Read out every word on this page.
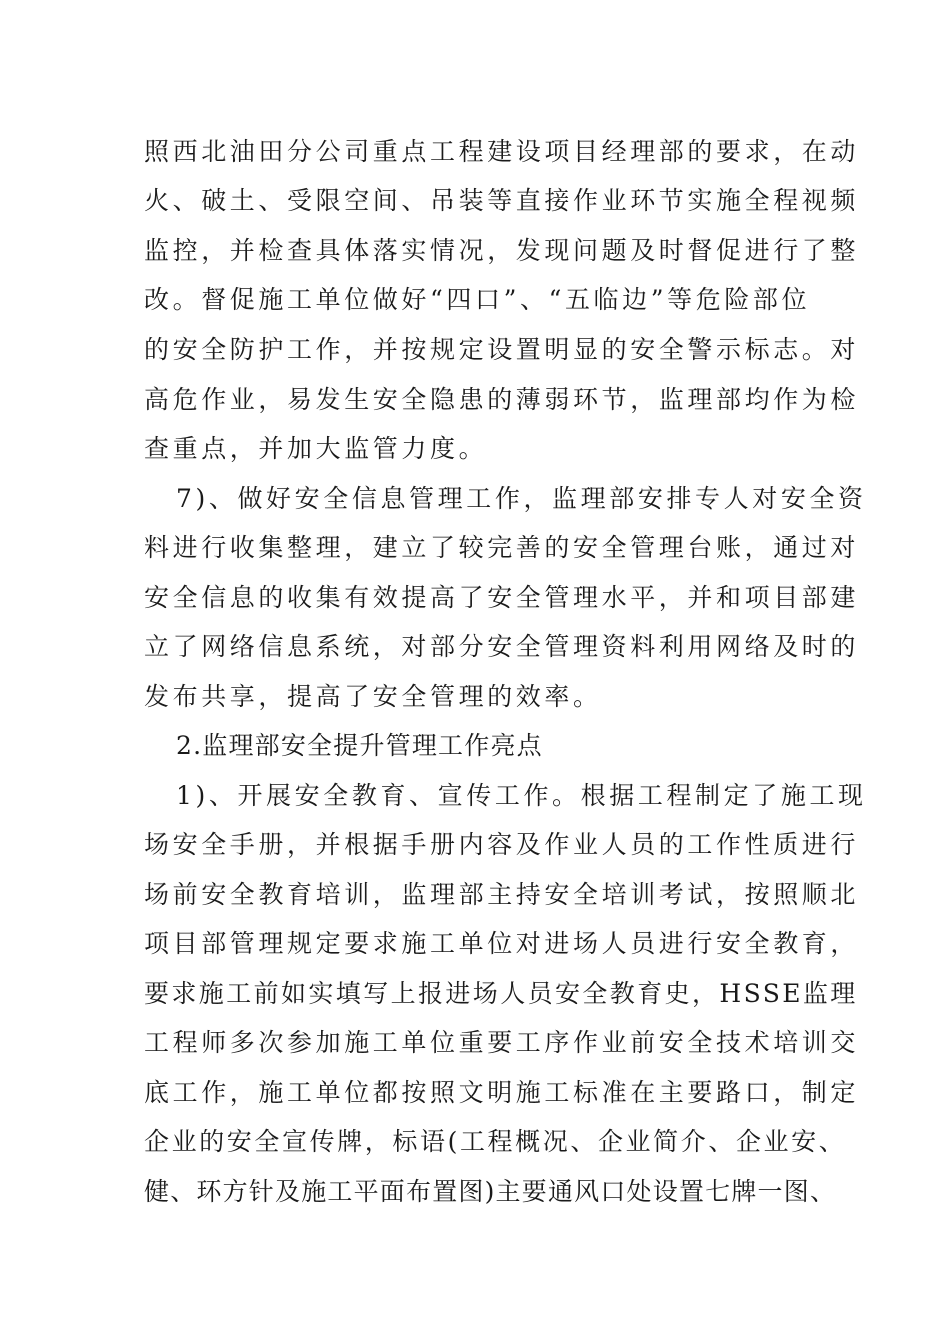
照西北油田分公司重点工程建设项目经理部的要求，在动
火、破土、受限空间、吊装等直接作业环节实施全程视频
监控，并检查具体落实情况，发现问题及时督促进行了整
改。督促施工单位做好“四口”、“五临边”等危险部位
的安全防护工作，并按规定设置明显的安全警示标志。对
高危作业，易发生安全隐患的薄弱环节，监理部均作为检
查重点，并加大监管力度。
7)、做好安全信息管理工作，监理部安排专人对安全资
料进行收集整理，建立了较完善的安全管理台账，通过对
安全信息的收集有效提高了安全管理水平，并和项目部建
立了网络信息系统，对部分安全管理资料利用网络及时的
发布共享，提高了安全管理的效率。
2.监理部安全提升管理工作亮点
1)、开展安全教育、宣传工作。根据工程制定了施工现
场安全手册，并根据手册内容及作业人员的工作性质进行
场前安全教育培训，监理部主持安全培训考试，按照顺北
项目部管理规定要求施工单位对进场人员进行安全教育，
要求施工前如实填写上报进场人员安全教育史，HSSE监理
工程师多次参加施工单位重要工序作业前安全技术培训交
底工作，施工单位都按照文明施工标准在主要路口，制定
企业的安全宣传牌，标语(工程概况、企业简介、企业安、
健、环方针及施工平面布置图)主要通风口处设置七牌一图、
